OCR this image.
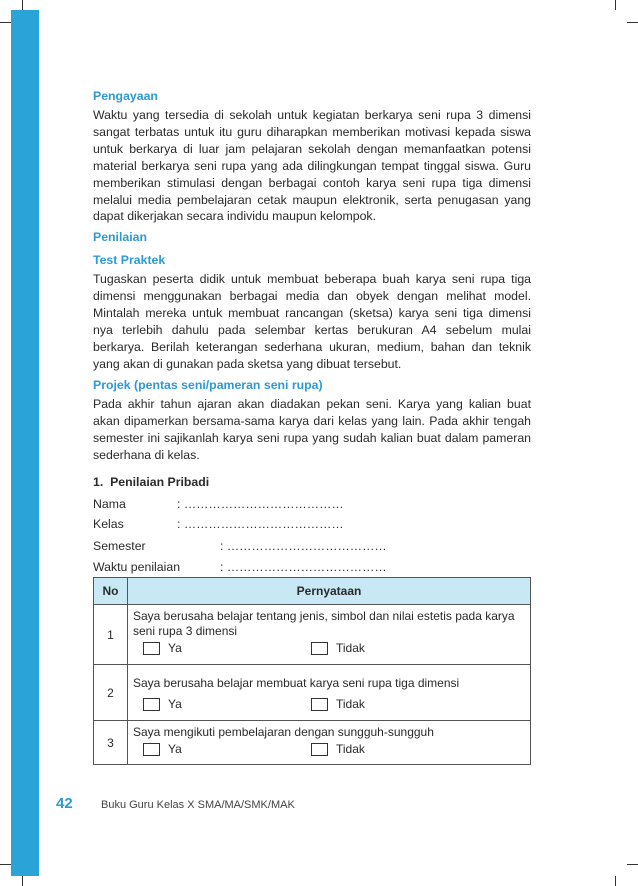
Pengayaan

Waktu yang tersedia di sekolah untuk kegiatan berkarya seni rupa 3 dimensi sangat terbatas untuk itu guru diharapkan memberikan motivasi kepada siswa untuk berkarya di luar jam pelajaran sekolah dengan memanfaatkan potensi material berkarya seni rupa yang ada dilingkungan tempat tinggal siswa. Guru memberikan stimulasi dengan berbagai contoh karya seni rupa tiga dimensi melalui media pembelajaran cetak maupun elektronik, serta penugasan yang dapat dikerjakan secara individu maupun kelompok.

Penilaian
Test Praktek

Tugaskan peserta didik untuk membuat beberapa buah karya seni rupa tiga dimensi menggunakan berbagai media dan obyek dengan melihat model. Mintalah mereka untuk membuat rancangan (sketsa) karya seni tiga dimensi nya terlebih dahulu pada selembar kertas berukuran A4 sebelum mulai berkarya. Berilah keterangan sederhana ukuran, medium, bahan dan teknik yang akan di gunakan pada sketsa yang dibuat tersebut.

Projek (pentas seni/pameran seni rupa)

Pada akhir tahun ajaran akan diadakan pekan seni. Karya yang kalian buat akan dipamerkan bersama-sama karya dari kelas yang lain. Pada akhir tengah semester ini sajikanlah karya seni rupa yang sudah kalian buat dalam pameran sederhana di kelas.

1.  Penilaian Pribadi
Nama	: …………………………………
Kelas	: …………………………………
Semester	: …………………………………
Waktu penilaian	: …………………………………
No	Pernyataan
1	Saya berusaha belajar tentang jenis, simbol dan nilai estetis pada karya seni rupa 3 dimensi
Ya Tidak

2	Saya berusaha belajar membuat karya seni rupa tiga dimensi
Ya Tidak

3	Saya mengikuti pembelajaran dengan sungguh-sungguh
Ya Tidak
42	Buku Guru Kelas X SMA/MA/SMK/MAK
